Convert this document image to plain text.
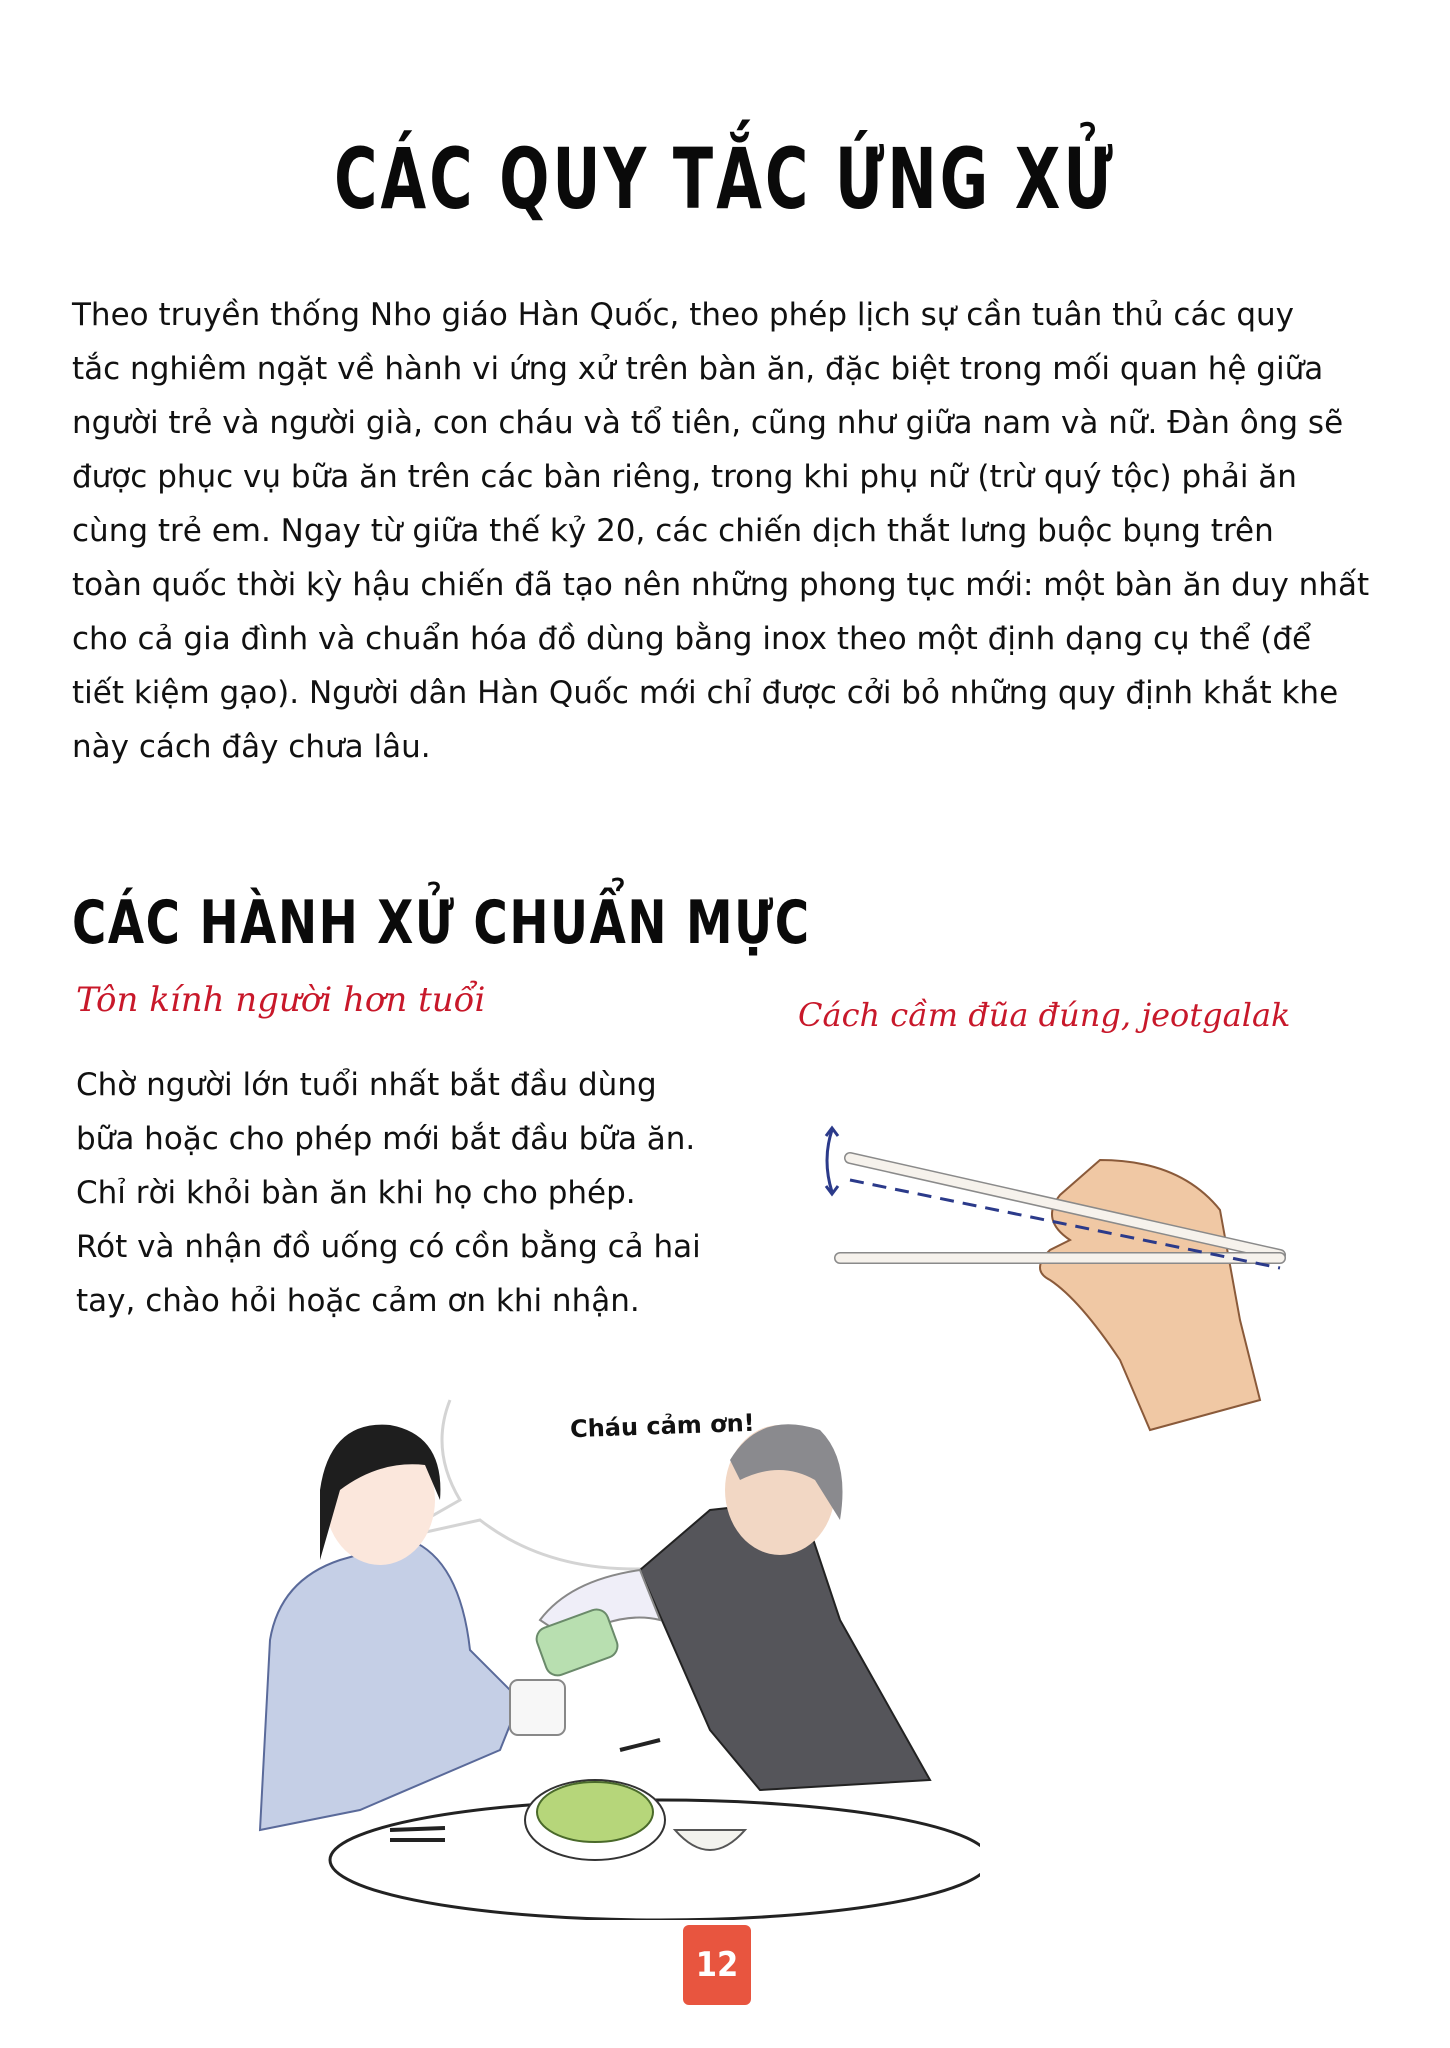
CÁC QUY TẮC ỨNG XỬ
Theo truyền thống Nho giáo Hàn Quốc, theo phép lịch sự cần tuân thủ các quy
tắc nghiêm ngặt về hành vi ứng xử trên bàn ăn, đặc biệt trong mối quan hệ giữa
người trẻ và người già, con cháu và tổ tiên, cũng như giữa nam và nữ. Đàn ông sẽ
được phục vụ bữa ăn trên các bàn riêng, trong khi phụ nữ (trừ quý tộc) phải ăn
cùng trẻ em. Ngay từ giữa thế kỷ 20, các chiến dịch thắt lưng buộc bụng trên
toàn quốc thời kỳ hậu chiến đã tạo nên những phong tục mới: một bàn ăn duy nhất
cho cả gia đình và chuẩn hóa đồ dùng bằng inox theo một định dạng cụ thể (để
tiết kiệm gạo). Người dân Hàn Quốc mới chỉ được cởi bỏ những quy định khắt khe
này cách đây chưa lâu.
CÁC HÀNH XỬ CHUẨN MỰC
Tôn kính người hơn tuổi	Cách cầm đũa đúng, jeotgalak
Chờ người lớn tuổi nhất bắt đầu dùng
bữa hoặc cho phép mới bắt đầu bữa ăn.
Chỉ rời khỏi bàn ăn khi họ cho phép.
Rót và nhận đồ uống có cồn bằng cả hai
tay, chào hỏi hoặc cảm ơn khi nhận.
Cháu cảm ơn!
12
